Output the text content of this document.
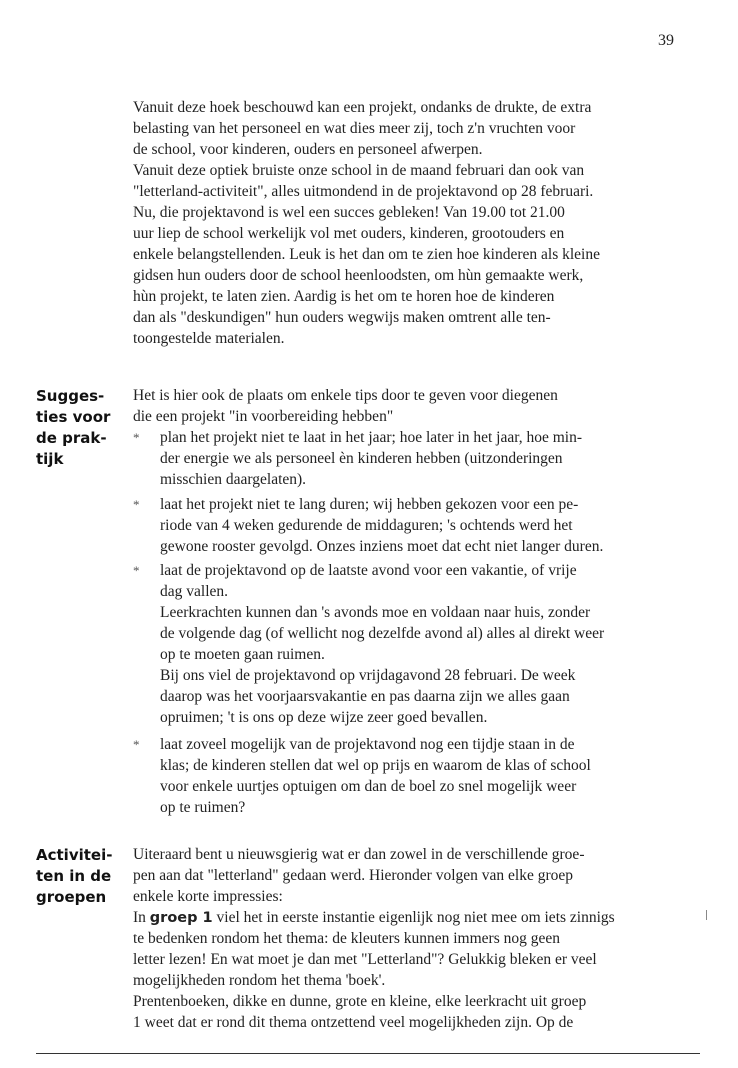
39
Vanuit deze hoek beschouwd kan een projekt, ondanks de drukte, de extra
belasting van het personeel en wat dies meer zij, toch z'n vruchten voor
de school, voor kinderen, ouders en personeel afwerpen.
Vanuit deze optiek bruiste onze school in de maand februari dan ook van
"letterland-activiteit", alles uitmondend in de projektavond op 28 februari.
Nu, die projektavond is wel een succes gebleken! Van 19.00 tot 21.00
uur liep de school werkelijk vol met ouders, kinderen, grootouders en
enkele belangstellenden. Leuk is het dan om te zien hoe kinderen als kleine
gidsen hun ouders door de school heenloodsten, om hùn gemaakte werk,
hùn projekt, te laten zien. Aardig is het om te horen hoe de kinderen
dan als "deskundigen" hun ouders wegwijs maken omtrent alle ten-
toongestelde materialen.
Sugges-
ties voor
de prak-
tijk
Het is hier ook de plaats om enkele tips door te geven voor diegenen
die een projekt "in voorbereiding hebben"
* plan het projekt niet te laat in het jaar; hoe later in het jaar, hoe min-
der energie we als personeel èn kinderen hebben (uitzonderingen
misschien daargelaten).
* laat het projekt niet te lang duren; wij hebben gekozen voor een pe-
riode van 4 weken gedurende de middaguren; 's ochtends werd het
gewone rooster gevolgd. Onzes inziens moet dat echt niet langer duren.
* laat de projektavond op de laatste avond voor een vakantie, of vrije
dag vallen.
Leerkrachten kunnen dan 's avonds moe en voldaan naar huis, zonder
de volgende dag (of wellicht nog dezelfde avond al) alles al direkt weer
op te moeten gaan ruimen.
Bij ons viel de projektavond op vrijdagavond 28 februari. De week
daarop was het voorjaarsvakantie en pas daarna zijn we alles gaan
opruimen; 't is ons op deze wijze zeer goed bevallen.
* laat zoveel mogelijk van de projektavond nog een tijdje staan in de
klas; de kinderen stellen dat wel op prijs en waarom de klas of school
voor enkele uurtjes optuigen om dan de boel zo snel mogelijk weer
op te ruimen?
Activitei-
ten in de
groepen
Uiteraard bent u nieuwsgierig wat er dan zowel in de verschillende groe-
pen aan dat "letterland" gedaan werd. Hieronder volgen van elke groep
enkele korte impressies:
In groep 1 viel het in eerste instantie eigenlijk nog niet mee om iets zinnigs
te bedenken rondom het thema: de kleuters kunnen immers nog geen
letter lezen! En wat moet je dan met "Letterland"? Gelukkig bleken er veel
mogelijkheden rondom het thema 'boek'.
Prentenboeken, dikke en dunne, grote en kleine, elke leerkracht uit groep
1 weet dat er rond dit thema ontzettend veel mogelijkheden zijn. Op de
